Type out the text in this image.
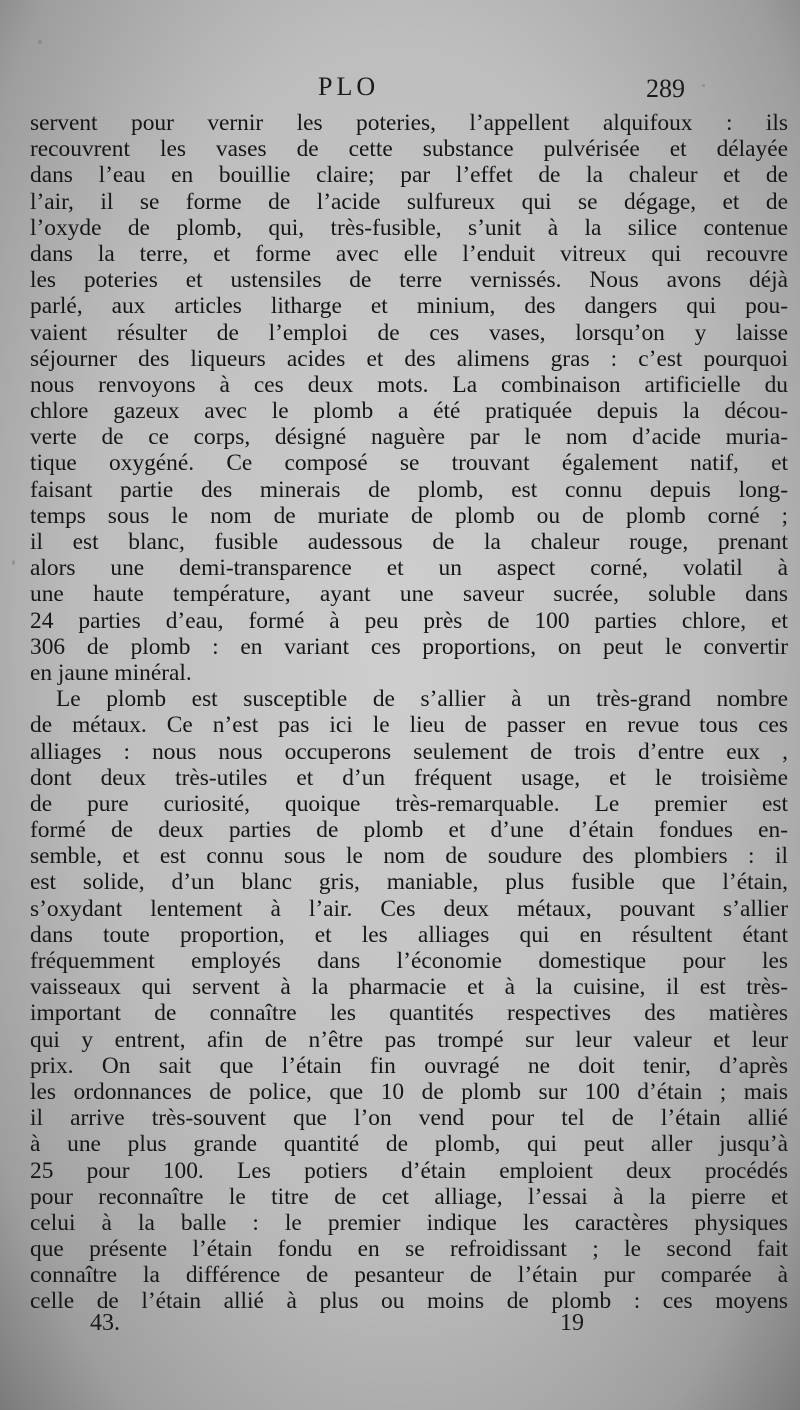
PLO	289
servent pour vernir les poteries, l’appellent alquifoux : ils
recouvrent les vases de cette substance pulvérisée et délayée
dans l’eau en bouillie claire; par l’effet de la chaleur et de
l’air, il se forme de l’acide sulfureux qui se dégage, et de
l’oxyde de plomb, qui, très-fusible, s’unit à la silice contenue
dans la terre, et forme avec elle l’enduit vitreux qui recouvre
les poteries et ustensiles de terre vernissés. Nous avons déjà
parlé, aux articles litharge et minium, des dangers qui pou-
vaient résulter de l’emploi de ces vases, lorsqu’on y laisse
séjourner des liqueurs acides et des alimens gras : c’est pourquoi
nous renvoyons à ces deux mots. La combinaison artificielle du
chlore gazeux avec le plomb a été pratiquée depuis la décou-
verte de ce corps, désigné naguère par le nom d’acide muria-
tique oxygéné. Ce composé se trouvant également natif, et
faisant partie des minerais de plomb, est connu depuis long-
temps sous le nom de muriate de plomb ou de plomb corné ;
il est blanc, fusible audessous de la chaleur rouge, prenant
alors une demi-transparence et un aspect corné, volatil à
une haute température, ayant une saveur sucrée, soluble dans
24 parties d’eau, formé à peu près de 100 parties chlore, et
306 de plomb : en variant ces proportions, on peut le convertir
en jaune minéral.
Le plomb est susceptible de s’allier à un très-grand nombre
de métaux. Ce n’est pas ici le lieu de passer en revue tous ces
alliages : nous nous occuperons seulement de trois d’entre eux ,
dont deux très-utiles et d’un fréquent usage, et le troisième
de pure curiosité, quoique très-remarquable. Le premier est
formé de deux parties de plomb et d’une d’étain fondues en-
semble, et est connu sous le nom de soudure des plombiers : il
est solide, d’un blanc gris, maniable, plus fusible que l’étain,
s’oxydant lentement à l’air. Ces deux métaux, pouvant s’allier
dans toute proportion, et les alliages qui en résultent étant
fréquemment employés dans l’économie domestique pour les
vaisseaux qui servent à la pharmacie et à la cuisine, il est très-
important de connaître les quantités respectives des matières
qui y entrent, afin de n’être pas trompé sur leur valeur et leur
prix. On sait que l’étain fin ouvragé ne doit tenir, d’après
les ordonnances de police, que 10 de plomb sur 100 d’étain ; mais
il arrive très-souvent que l’on vend pour tel de l’étain allié
à une plus grande quantité de plomb, qui peut aller jusqu’à
25 pour 100. Les potiers d’étain emploient deux procédés
pour reconnaître le titre de cet alliage, l’essai à la pierre et
celui à la balle : le premier indique les caractères physiques
que présente l’étain fondu en se refroidissant ; le second fait
connaître la différence de pesanteur de l’étain pur comparée à
celle de l’étain allié à plus ou moins de plomb : ces moyens
43.	19
